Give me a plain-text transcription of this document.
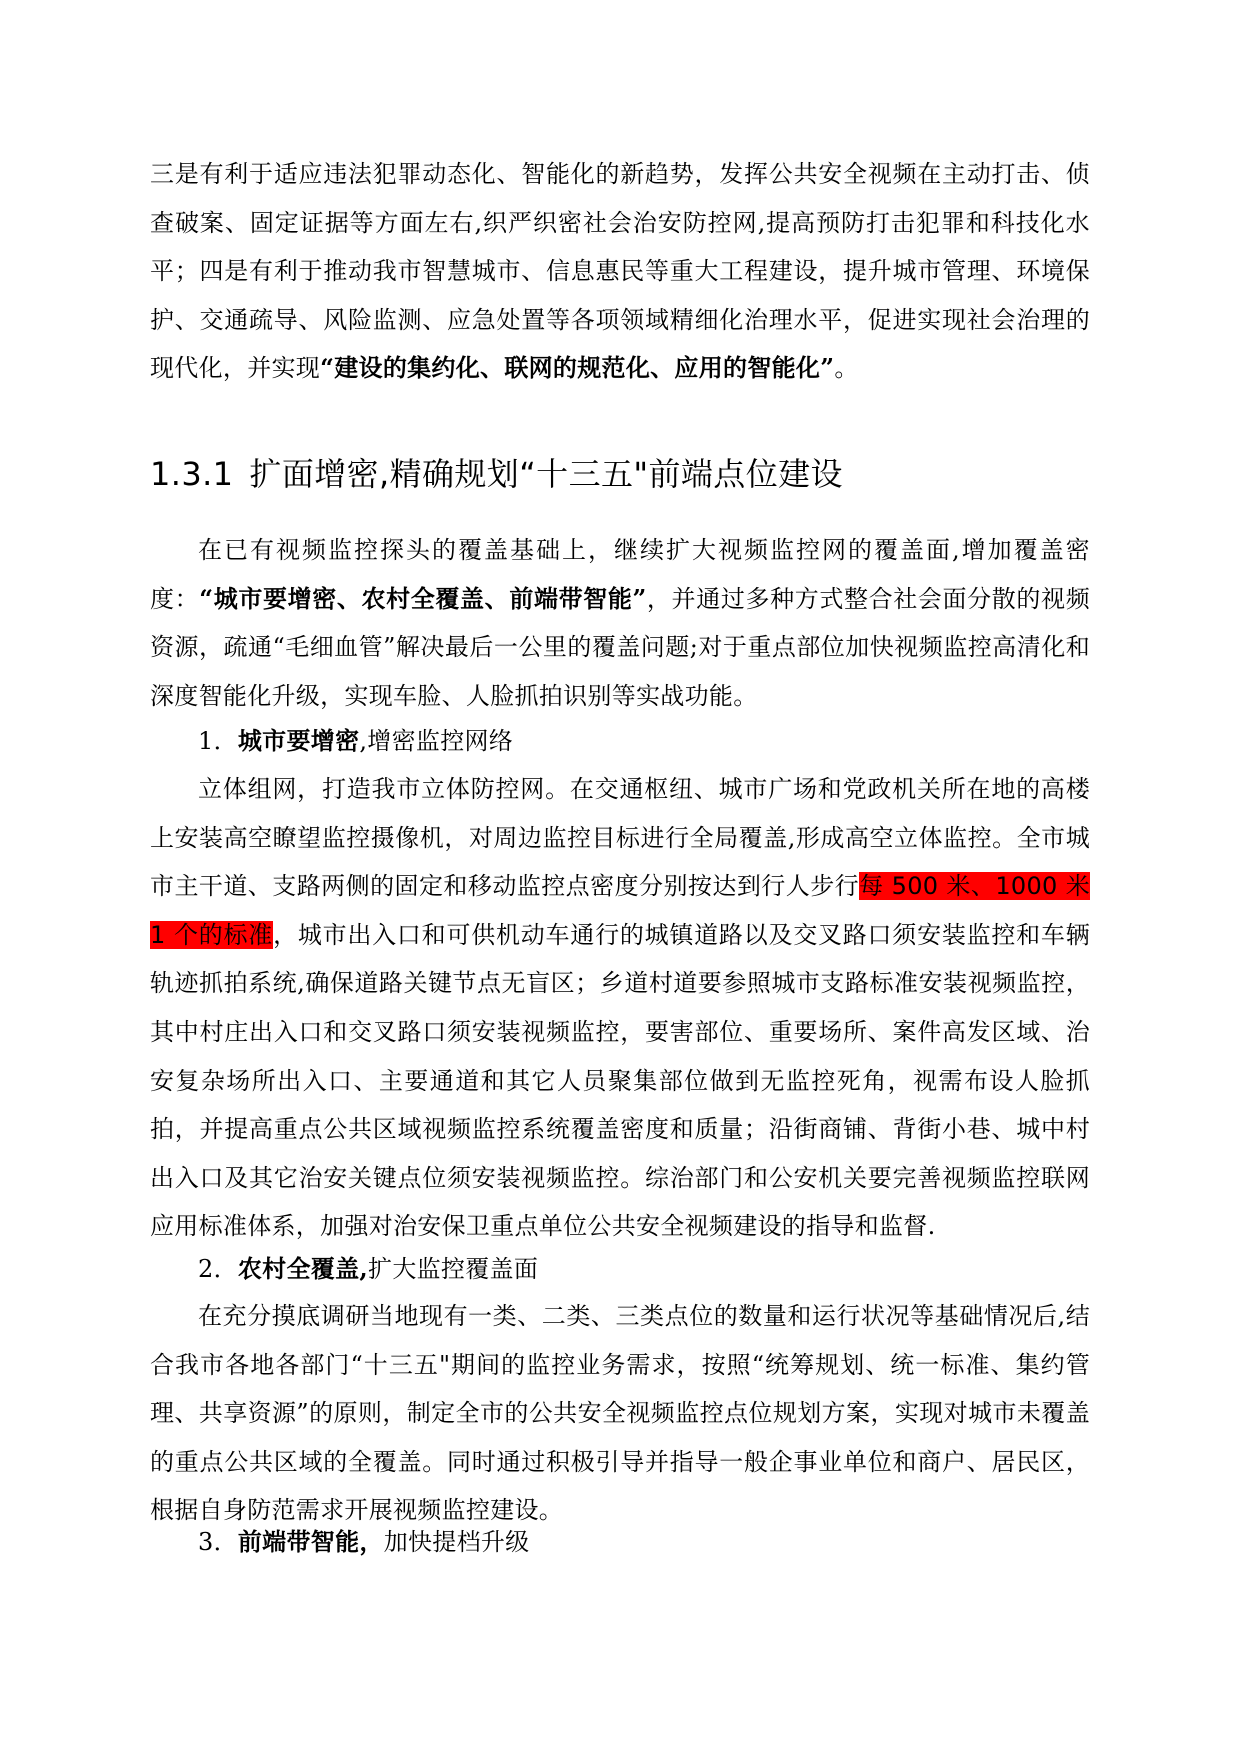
三是有利于适应违法犯罪动态化、智能化的新趋势，发挥公共安全视频在主动打击、侦查破案、固定证据等方面左右,织严织密社会治安防控网,提高预防打击犯罪和科技化水平；四是有利于推动我市智慧城市、信息惠民等重大工程建设，提升城市管理、环境保护、交通疏导、风险监测、应急处置等各项领域精细化治理水平，促进实现社会治理的现代化，并实现“建设的集约化、联网的规范化、应用的智能化”。

1.3.1 扩面增密,精确规划“十三五"前端点位建设

在已有视频监控探头的覆盖基础上，继续扩大视频监控网的覆盖面,增加覆盖密度：“城市要增密、农村全覆盖、前端带智能”，并通过多种方式整合社会面分散的视频资源，疏通“毛细血管”解决最后一公里的覆盖问题;对于重点部位加快视频监控高清化和深度智能化升级，实现车脸、人脸抓拍识别等实战功能。

1．城市要增密,增密监控网络

立体组网，打造我市立体防控网。在交通枢纽、城市广场和党政机关所在地的高楼上安装高空瞭望监控摄像机，对周边监控目标进行全局覆盖,形成高空立体监控。全市城市主干道、支路两侧的固定和移动监控点密度分别按达到行人步行每 500 米、1000 米 1 个的标准，城市出入口和可供机动车通行的城镇道路以及交叉路口须安装监控和车辆轨迹抓拍系统,确保道路关键节点无盲区；乡道村道要参照城市支路标准安装视频监控，其中村庄出入口和交叉路口须安装视频监控，要害部位、重要场所、案件高发区域、治安复杂场所出入口、主要通道和其它人员聚集部位做到无监控死角，视需布设人脸抓拍，并提高重点公共区域视频监控系统覆盖密度和质量；沿街商铺、背街小巷、城中村出入口及其它治安关键点位须安装视频监控。综治部门和公安机关要完善视频监控联网应用标准体系，加强对治安保卫重点单位公共安全视频建设的指导和监督.

2．农村全覆盖,扩大监控覆盖面

在充分摸底调研当地现有一类、二类、三类点位的数量和运行状况等基础情况后,结合我市各地各部门“十三五"期间的监控业务需求，按照“统筹规划、统一标准、集约管理、共享资源”的原则，制定全市的公共安全视频监控点位规划方案，实现对城市未覆盖的重点公共区域的全覆盖。同时通过积极引导并指导一般企事业单位和商户、居民区，根据自身防范需求开展视频监控建设。

3．前端带智能，加快提档升级
